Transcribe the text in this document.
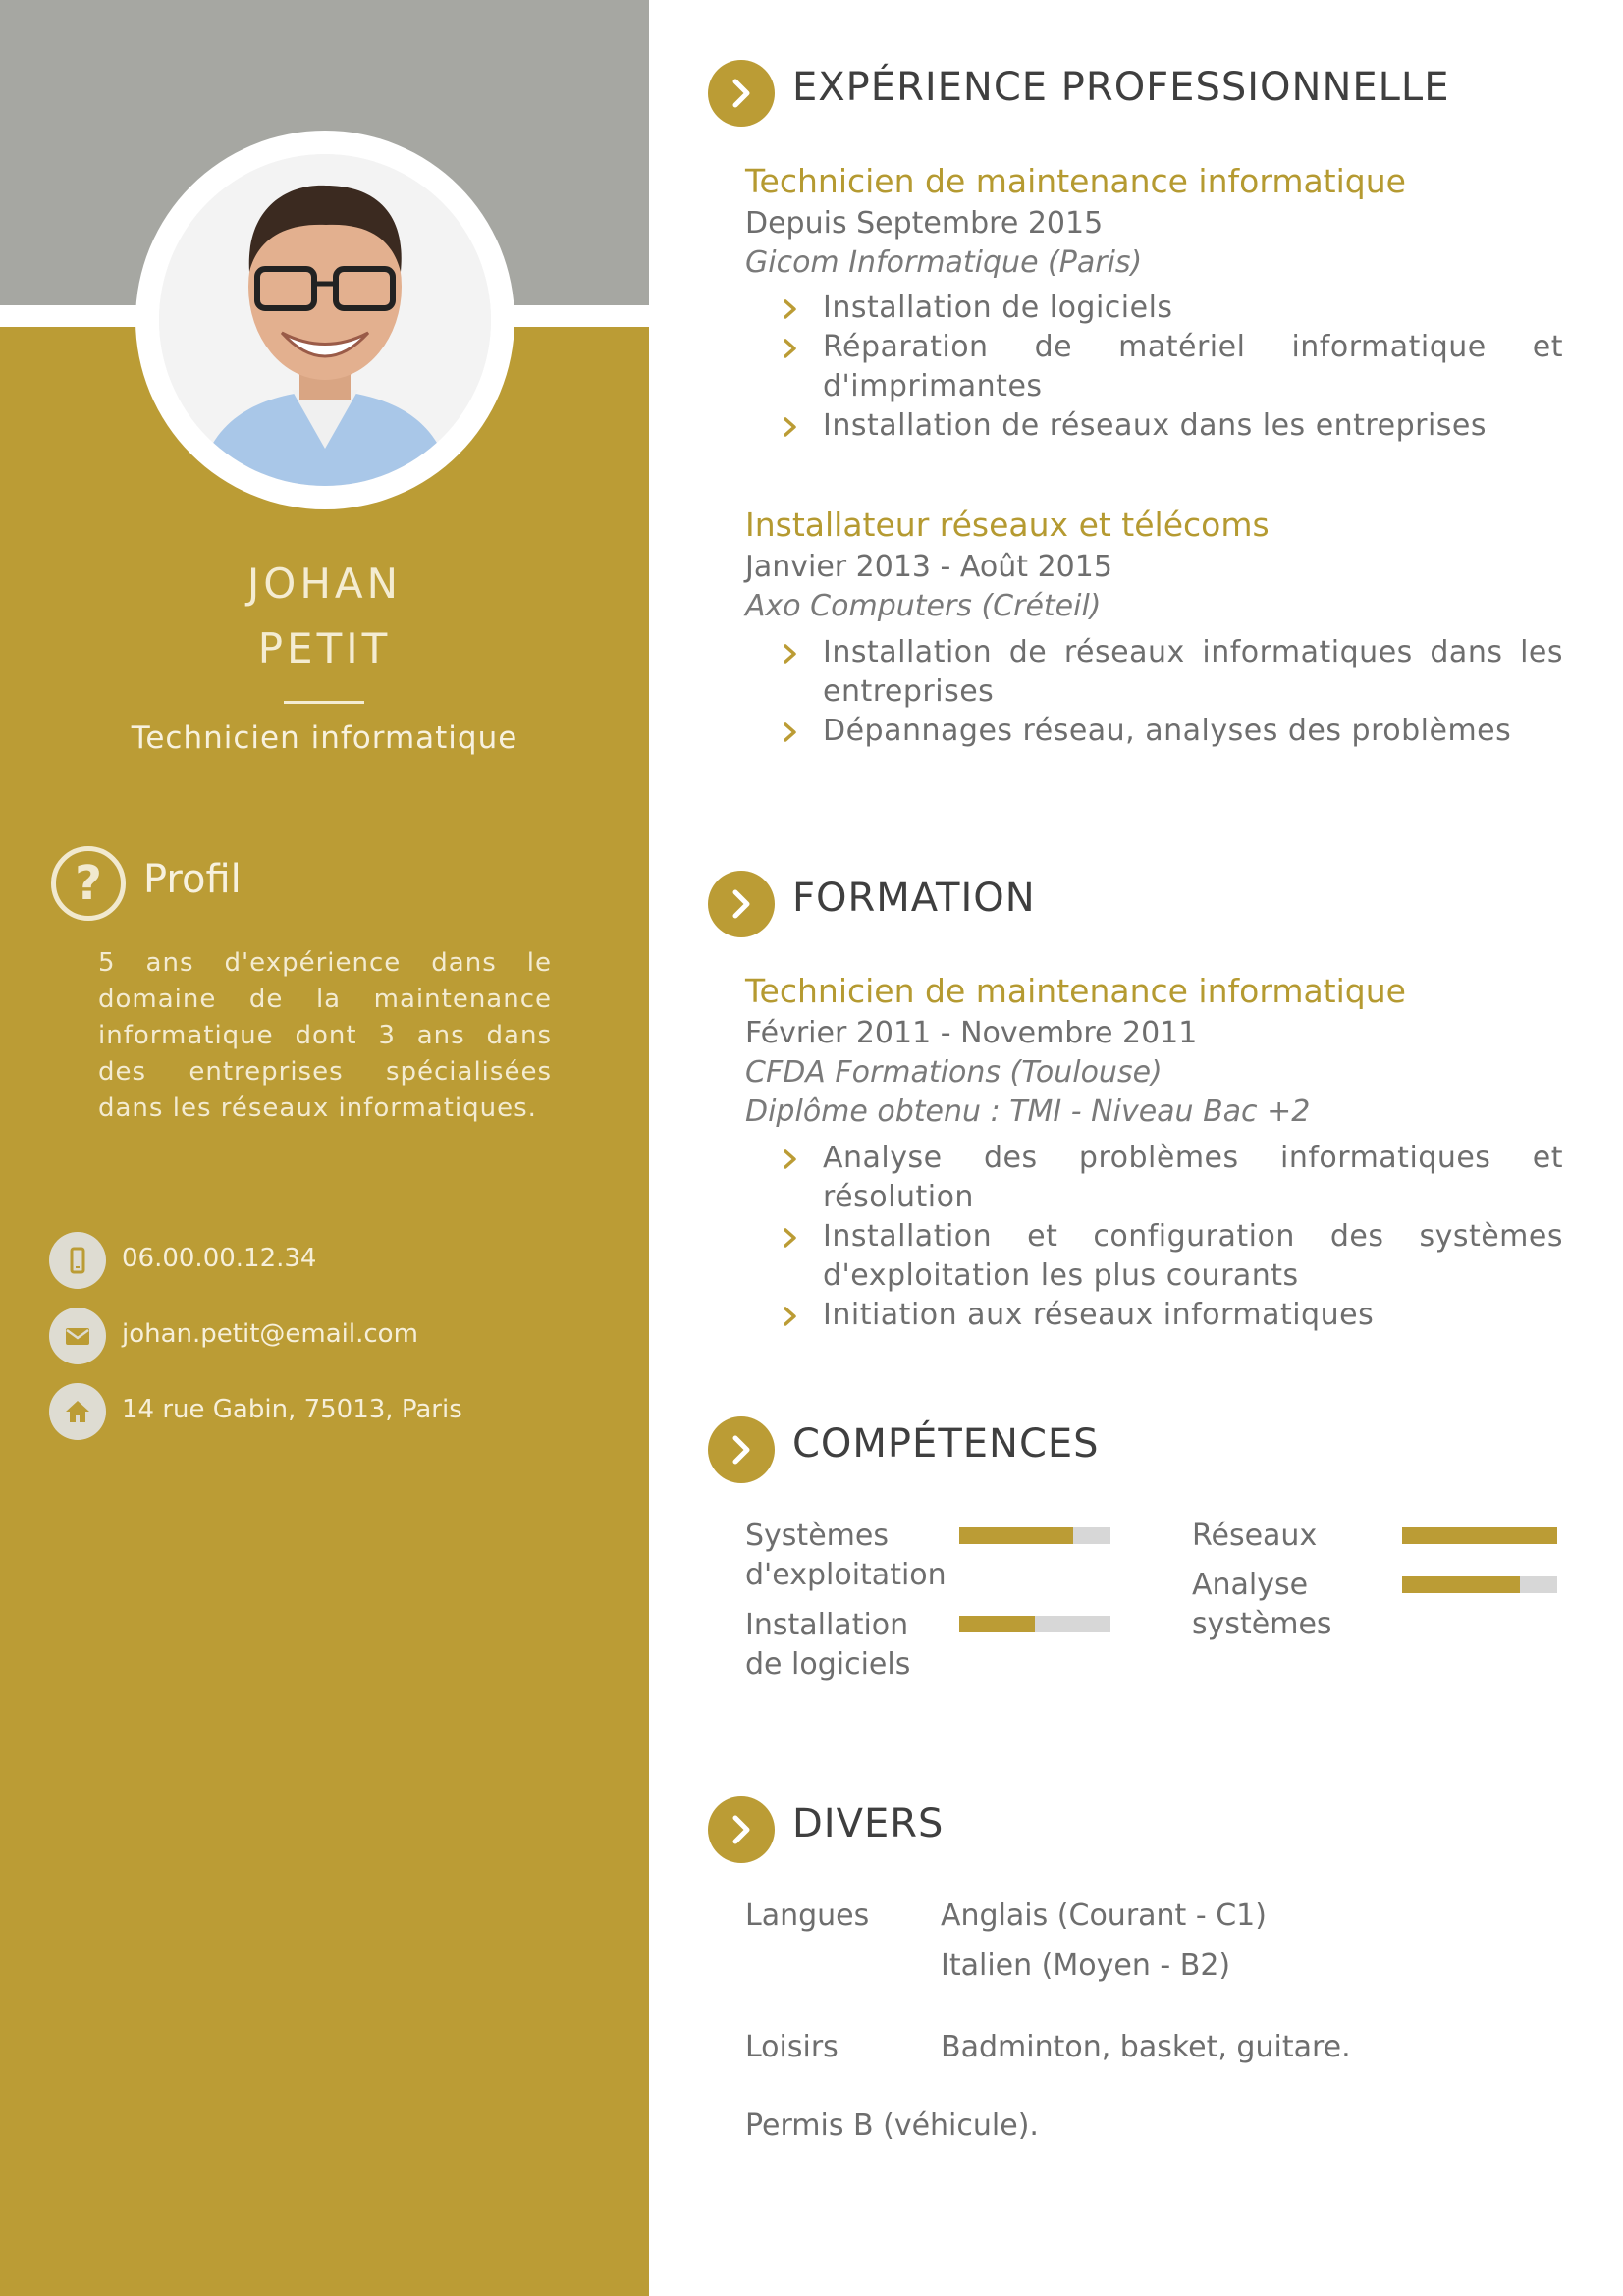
JOHAN
PETIT
Technicien informatique
?	Profil

5 ans d'expérience dans le domaine de la maintenance informatique dont 3 ans dans des entreprises spécialisées dans les réseaux informatiques.

06.00.00.12.34
johan.petit@email.com
14 rue Gabin, 75013, Paris
EXPÉRIENCE PROFESSIONNELLE
Technicien de maintenance informatique
Depuis Septembre 2015
Gicom Informatique (Paris)
Installation de logiciels
Réparation de matériel informatique et d'imprimantes
Installation de réseaux dans les entreprises
Installateur réseaux et télécoms
Janvier 2013 - Août 2015
Axo Computers (Créteil)
Installation de réseaux informatiques dans les entreprises
Dépannages réseau, analyses des problèmes
FORMATION
Technicien de maintenance informatique
Février 2011 - Novembre 2011
CFDA Formations (Toulouse)
Diplôme obtenu : TMI - Niveau Bac +2
Analyse des problèmes informatiques et résolution
Installation et configuration des systèmes d'exploitation les plus courants
Initiation aux réseaux informatiques
COMPÉTENCES
Systèmes d'exploitation
Installation de logiciels
Réseaux
Analyse systèmes
DIVERS
Langues Anglais (Courant - C1)
Italien (Moyen - B2)
Loisirs	Badminton, basket, guitare.
Permis B (véhicule).
